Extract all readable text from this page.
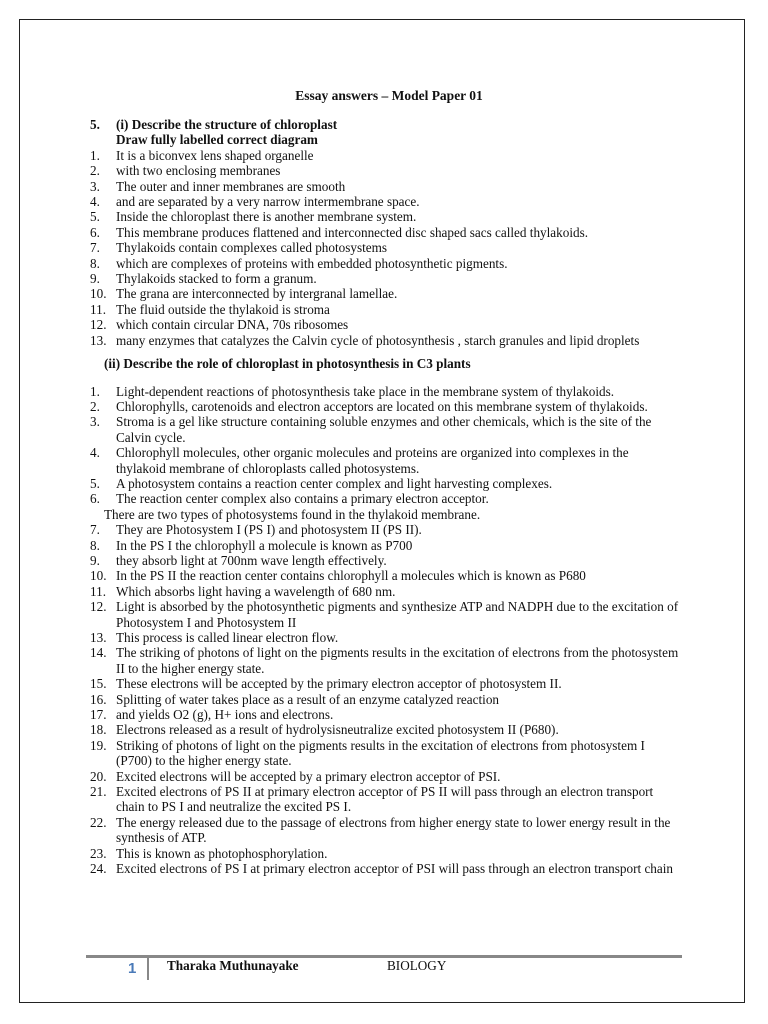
Essay answers – Model Paper 01
5.	(i) Describe the structure of chloroplast
Draw fully labelled correct diagram
1.	It is a biconvex lens shaped organelle
2.	with two enclosing membranes
3.	The outer and inner membranes are smooth
4.	and are separated by a very narrow intermembrane space.
5.	Inside the chloroplast there is another membrane system.
6.	This membrane produces flattened and interconnected disc shaped sacs called thylakoids.
7.	Thylakoids contain complexes called photosystems
8.	which are complexes of proteins with embedded photosynthetic pigments.
9.	Thylakoids stacked to form a granum.
10. The grana are interconnected by intergranal lamellae.
11. The fluid outside the thylakoid is stroma
12. which contain circular DNA, 70s ribosomes
13. many enzymes that catalyzes the Calvin cycle of photosynthesis , starch granules and lipid droplets
(ii) Describe the role of chloroplast in photosynthesis in C3 plants
1.	Light-dependent reactions of photosynthesis take place in the membrane system of thylakoids.
2.	Chlorophylls, carotenoids and electron acceptors are located on this membrane system of thylakoids.
3.	Stroma is a gel like structure containing soluble enzymes and other chemicals, which is the site of the Calvin cycle.
4.	Chlorophyll molecules, other organic molecules and proteins are organized into complexes in the thylakoid membrane of chloroplasts called photosystems.
5.	A photosystem contains a reaction center complex and light harvesting complexes.
6.	The reaction center complex also contains a primary electron acceptor.
There are two types of photosystems found in the thylakoid membrane.
7.	They are Photosystem I (PS I) and photosystem II (PS II).
8.	In the PS I the chlorophyll a molecule is known as P700
9.	they absorb light at 700nm wave length effectively.
10. In the PS II the reaction center contains chlorophyll a molecules which is known as P680
11. Which absorbs light having a wavelength of 680 nm.
12. Light is absorbed by the photosynthetic pigments and synthesize ATP and NADPH due to the excitation of Photosystem I and Photosystem II
13. This process is called linear electron flow.
14. The striking of photons of light on the pigments results in the excitation of electrons from the photosystem II to the higher energy state.
15. These electrons will be accepted by the primary electron acceptor of photosystem II.
16. Splitting of water takes place as a result of an enzyme catalyzed reaction
17. and yields O2 (g), H+ ions and electrons.
18. Electrons released as a result of hydrolysisneutralize excited photosystem II (P680).
19. Striking of photons of light on the pigments results in the excitation of electrons from photosystem I (P700) to the higher energy state.
20. Excited electrons will be accepted by a primary electron acceptor of PSI.
21. Excited electrons of PS II at primary electron acceptor of PS II will pass through an electron transport chain to PS I and neutralize the excited PS I.
22. The energy released due to the passage of electrons from higher energy state to lower energy result in the synthesis of ATP.
23. This is known as photophosphorylation.
24. Excited electrons of PS I at primary electron acceptor of PSI will pass through an electron transport chain
1 Tharaka Muthunayake	BIOLOGY
